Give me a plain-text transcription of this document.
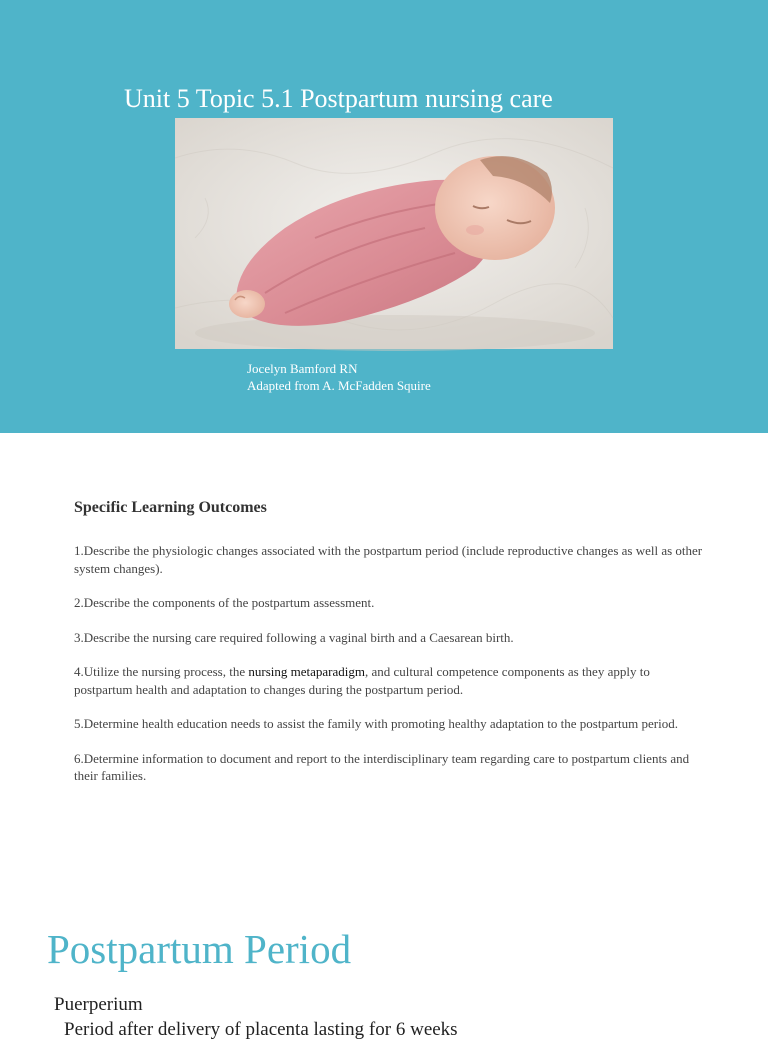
Unit 5 Topic 5.1 Postpartum nursing care
Jocelyn Bamford RN
Adapted from A. McFadden Squire
Specific Learning Outcomes
1.Describe the physiologic changes associated with the postpartum period (include reproductive changes as well as other system changes).
2.Describe the components of the postpartum assessment.
3.Describe the nursing care required following a vaginal birth and a Caesarean birth.
4.Utilize the nursing process, the nursing metaparadigm, and cultural competence components as they apply to postpartum health and adaptation to changes during the postpartum period.
5.Determine health education needs to assist the family with promoting healthy adaptation to the postpartum period.
6.Determine information to document and report to the interdisciplinary team regarding care to postpartum clients and their families.
Postpartum Period
Puerperium
Period after delivery of placenta lasting for 6 weeks
